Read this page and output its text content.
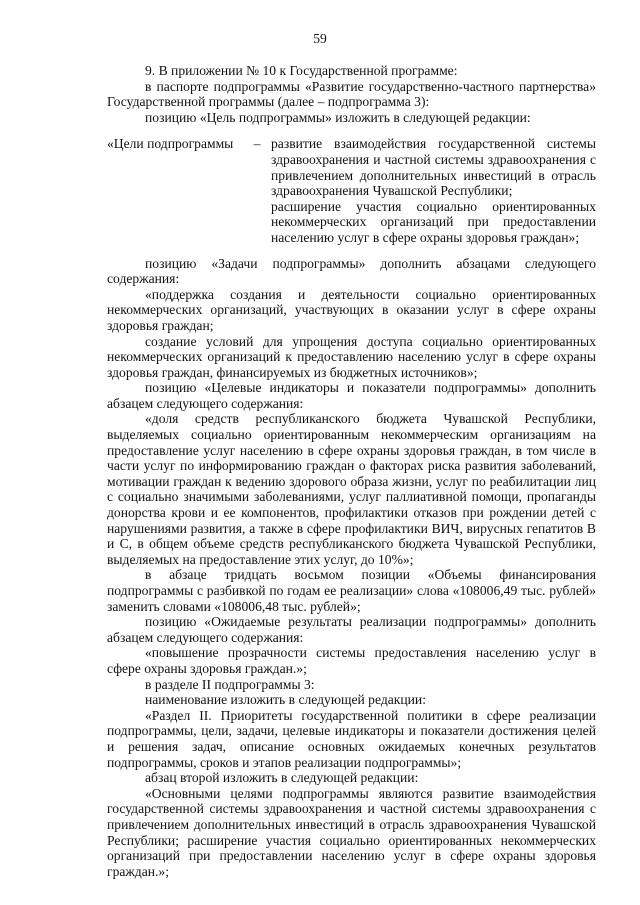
59

9. В приложении № 10 к Государственной программе:

в паспорте подпрограммы «Развитие государственно-частного партнерства» Государственной программы (далее – подпрограмма 3):

позицию «Цель подпрограммы» изложить в следующей редакции:

«Цели подпрограммы	– развитие взаимодействия государственной системы здравоохранения и частной системы здравоохранения с привлечением дополнительных инвестиций в отрасль здравоохранения Чувашской Республики;

расширение участия социально ориентированных некоммерческих организаций при предоставлении населению услуг в сфере охраны здоровья граждан»;

позицию «Задачи подпрограммы» дополнить абзацами следующего содержания:

«поддержка создания и деятельности социально ориентированных некоммерческих организаций, участвующих в оказании услуг в сфере охраны здоровья граждан;

создание условий для упрощения доступа социально ориентированных некоммерческих организаций к предоставлению населению услуг в сфере охраны здоровья граждан, финансируемых из бюджетных источников»;

позицию «Целевые индикаторы и показатели подпрограммы» дополнить абзацем следующего содержания:

«доля средств республиканского бюджета Чувашской Республики, выделяемых социально ориентированным некоммерческим организациям на предоставление услуг населению в сфере охраны здоровья граждан, в том числе в части услуг по информированию граждан о факторах риска развития заболеваний, мотивации граждан к ведению здорового образа жизни, услуг по реабилитации лиц с социально значимыми заболеваниями, услуг паллиативной помощи, пропаганды донорства крови и ее компонентов, профилактики отказов при рождении детей с нарушениями развития, а также в сфере профилактики ВИЧ, вирусных гепатитов В и С, в общем объеме средств республиканского бюджета Чувашской Республики, выделяемых на предоставление этих услуг, до 10%»;

в абзаце тридцать восьмом позиции «Объемы финансирования подпрограммы с разбивкой по годам ее реализации» слова «108006,49 тыс. рублей» заменить словами «108006,48 тыс. рублей»;

позицию «Ожидаемые результаты реализации подпрограммы» дополнить абзацем следующего содержания:

«повышение прозрачности системы предоставления населению услуг в сфере охраны здоровья граждан.»;

в разделе II подпрограммы 3:

наименование изложить в следующей редакции:

«Раздел II. Приоритеты государственной политики в сфере реализации подпрограммы, цели, задачи, целевые индикаторы и показатели достижения целей и решения задач, описание основных ожидаемых конечных результатов подпрограммы, сроков и этапов реализации подпрограммы»;

абзац второй изложить в следующей редакции:

«Основными целями подпрограммы являются развитие взаимодействия государственной системы здравоохранения и частной системы здравоохранения с привлечением дополнительных инвестиций в отрасль здравоохранения Чувашской Республики; расширение участия социально ориентированных некоммерческих организаций при предоставлении населению услуг в сфере охраны здоровья граждан.»;
